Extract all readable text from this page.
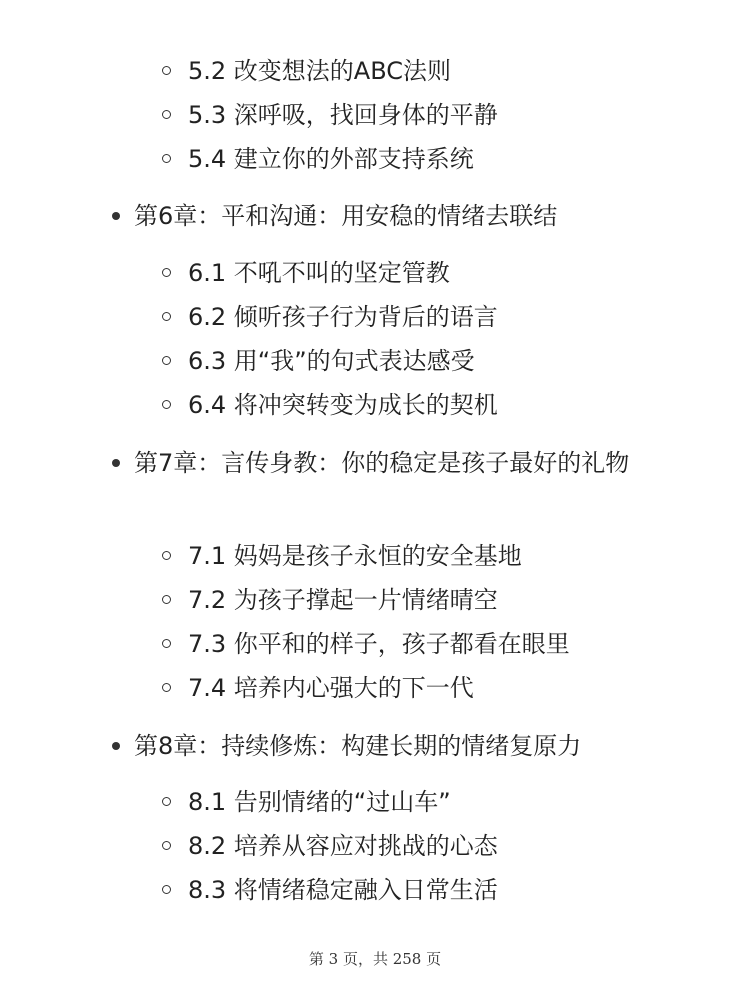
5.2 改变想法的ABC法则
5.3 深呼吸，找回身体的平静
5.4 建立你的外部支持系统
第6章：平和沟通：用安稳的情绪去联结
6.1 不吼不叫的坚定管教
6.2 倾听孩子行为背后的语言
6.3 用“我”的句式表达感受
6.4 将冲突转变为成长的契机
第7章：言传身教：你的稳定是孩子最好的礼物
7.1 妈妈是孩子永恒的安全基地
7.2 为孩子撑起一片情绪晴空
7.3 你平和的样子，孩子都看在眼里
7.4 培养内心强大的下一代
第8章：持续修炼：构建长期的情绪复原力
8.1 告别情绪的“过山车”
8.2 培养从容应对挑战的心态
8.3 将情绪稳定融入日常生活
第 3 页，共 258 页
